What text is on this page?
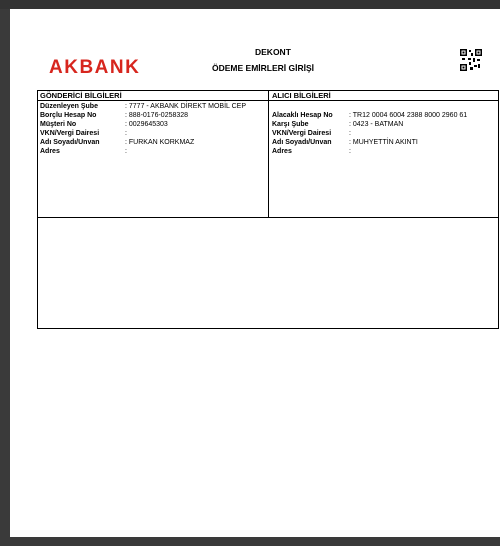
AKBANK
DEKONT
ÖDEME EMİRLERİ GİRİŞİ
GÖNDERİCİ BİLGİLERİ
Düzenleyen Şube	: 7777 - AKBANK DİREKT MOBİL CEP
Borçlu Hesap No	: 888-0176-0258328
Müşteri No	: 0029645303
VKN/Vergi Dairesi	:
Adı Soyadı/Unvan	: FURKAN KORKMAZ
Adres	:
ALICI BİLGİLERİ
Alacaklı Hesap No : TR12 0004 6004 2388 8000 2960 61
Karşı Şube	: 0423 - BATMAN
VKN/Vergi Dairesi	:
Adı Soyadı/Unvan : MUHYETTİN AKINTI
Adres	:
